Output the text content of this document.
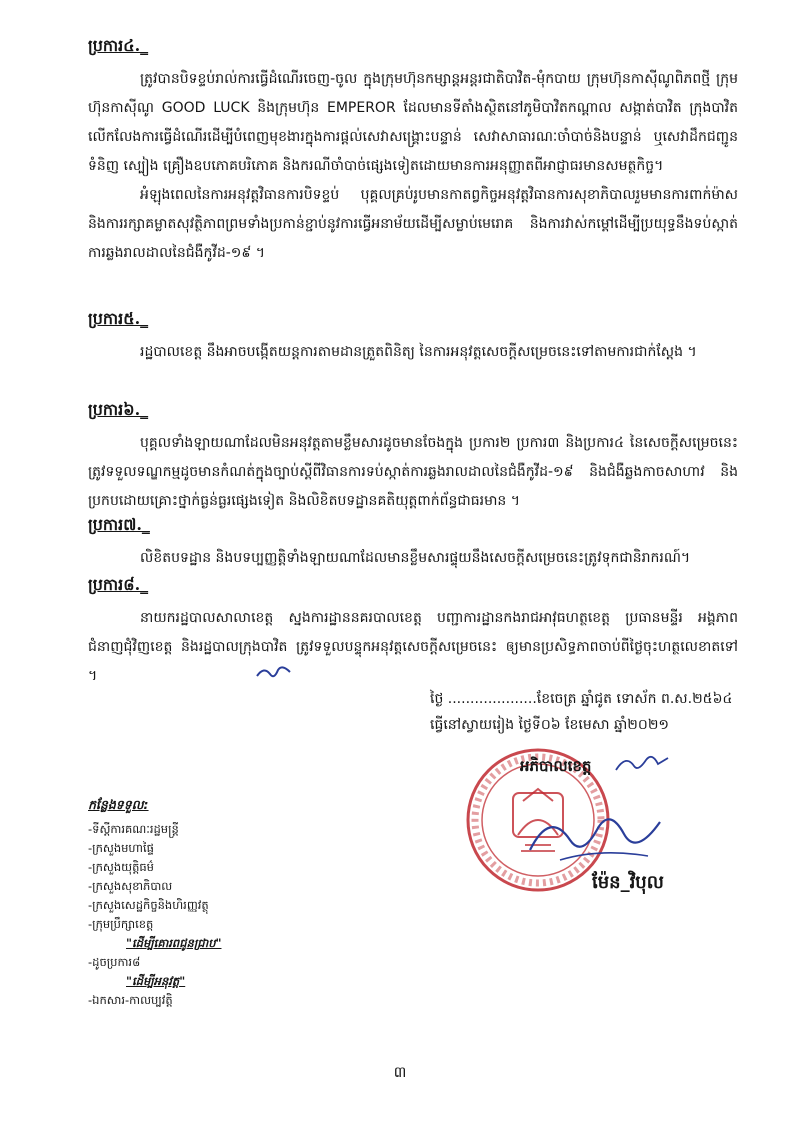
ប្រការ៤._

ត្រូវបានបិទខ្ទប់រាល់ការធ្វើដំណើរចេញ-ចូល ក្នុងក្រុមហ៊ុនកម្សាន្តអន្តរជាតិបាវិត-មុំកបាយ ក្រុមហ៊ុនកាស៊ីណូពិភពថ្មី ក្រុមហ៊ុនកាស៊ីណូ GOOD LUCK និងក្រុមហ៊ុន EMPEROR ដែលមានទីតាំងស្ថិតនៅភូមិបាវិតកណ្ដាល សង្កាត់បាវិត ក្រុងបាវិត លើកលែងការធ្វើដំណើរដើម្បីបំពេញមុខងារក្នុងការផ្ដល់សេវាសង្គ្រោះបន្ទាន់ សេវាសាធារណៈចាំបាច់និងបន្ទាន់ ឬសេវាដឹកជញ្ជូនទំនិញ ស្បៀង គ្រឿងឧបភោគបរិភោគ និងករណីចាំបាច់ផ្សេងទៀតដោយមានការអនុញ្ញាតពីអាជ្ញាធរមានសមត្ថកិច្ច។

អំឡុងពេលនៃការអនុវត្តវិធានការបិទខ្ទប់ បុគ្គលគ្រប់រូបមានកាតព្វកិច្ចអនុវត្តវិធានការសុខាភិបាលរួមមានការពាក់ម៉ាស និងការរក្សាគម្លាតសុវត្ថិភាពព្រមទាំងប្រកាន់ខ្ជាប់នូវការធ្វើអនាម័យដើម្បីសម្លាប់មេរោគ និងការវាស់កម្ដៅដើម្បីប្រយុទ្ធនឹងទប់ស្កាត់ការឆ្លងរាលដាលនៃជំងឺកូវីដ-១៩ ។

ប្រការ៥._

រដ្ឋបាលខេត្ត នឹងអាចបង្កើតយន្តការតាមដានត្រួតពិនិត្យ នៃការអនុវត្តសេចក្ដីសម្រេចនេះទៅតាមការជាក់ស្ដែង ។

ប្រការ៦._

បុគ្គលទាំងឡាយណាដែលមិនអនុវត្តតាមខ្លឹមសារដូចមានចែងក្នុង ប្រការ២ ប្រការ៣ និងប្រការ៤ នៃសេចក្ដីសម្រេចនេះ ត្រូវទទួលទណ្ឌកម្មដូចមានកំណត់ក្នុងច្បាប់ស្ដីពីវិធានការទប់ស្កាត់ការឆ្លងរាលដាលនៃជំងឺកូវីដ-១៩ និងជំងឺឆ្លងកាចសាហាវ និងប្រកបដោយគ្រោះថ្នាក់ធ្ងន់ធ្ងរផ្សេងទៀត និងលិខិតបទដ្ឋានគតិយុត្តពាក់ព័ន្ធជាធរមាន ។

ប្រការ៧._

លិខិតបទដ្ឋាន និងបទប្បញ្ញត្តិទាំងឡាយណាដែលមានខ្លឹមសារផ្ទុយនឹងសេចក្ដីសម្រេចនេះត្រូវទុកជានិរាករណ៍។

ប្រការ៨._

នាយករដ្ឋបាលសាលាខេត្ត ស្នងការដ្ឋាននគរបាលខេត្ត បញ្ជាការដ្ឋានកងរាជអាវុធហត្ថខេត្ត ប្រធានមន្ទីរ អង្គភាពជំនាញជុំវិញខេត្ត និងរដ្ឋបាលក្រុងបាវិត ត្រូវទទួលបន្ទុកអនុវត្តសេចក្ដីសម្រេចនេះ ឲ្យមានប្រសិទ្ធភាពចាប់ពីថ្ងៃចុះហត្ថលេខាតទៅ ។

ថ្ងៃ ....................ខែចេត្រ ឆ្នាំជូត ទោស័ក ព.ស.២៥៦៤
ធ្វើនៅស្វាយរៀង ថ្ងៃទី០៦ ខែមេសា ឆ្នាំ២០២១
អភិបាលខេត្ត
ម៉ែន_វិបុល
កន្លែងទទួល:
-ទីស្ដីការគណៈរដ្ឋមន្ត្រី
-ក្រសួងមហាផ្ទៃ
-ក្រសួងយុត្តិធម៌
-ក្រសួងសុខាភិបាល
-ក្រសួងសេដ្ឋកិច្ចនិងហិរញ្ញវត្ថុ
-ក្រុមប្រឹក្សាខេត្ត
"ដើម្បីគោរពជូនជ្រាប"
-ដូចប្រការ៨
"ដើម្បីអនុវត្ត"
-ឯកសារ-កាលប្បវត្តិ
៣
